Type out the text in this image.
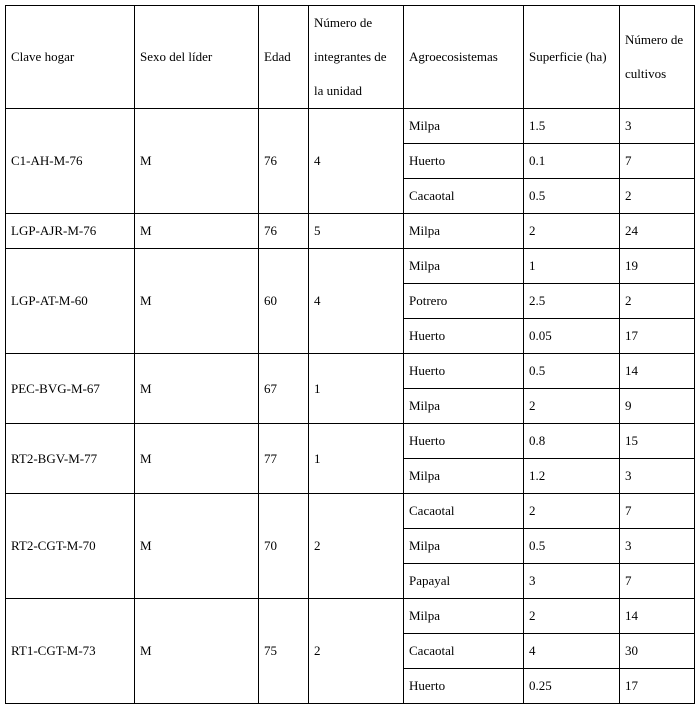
Clave hogar	Sexo del líder	Edad	Número de integrantes de la unidad	Agroecosistemas	Superficie (ha)	Número de cultivos
C1-AH-M-76	M	76	4	Milpa	1.5	3
				Huerto	0.1	7
				Cacaotal	0.5	2
LGP-AJR-M-76	M	76	5	Milpa	2	24
LGP-AT-M-60	M	60	4	Milpa	1	19
				Potrero	2.5	2
				Huerto	0.05	17
PEC-BVG-M-67	M	67	1	Huerto	0.5	14
				Milpa	2	9
RT2-BGV-M-77	M	77	1	Huerto	0.8	15
				Milpa	1.2	3
RT2-CGT-M-70	M	70	2	Cacaotal	2	7
				Milpa	0.5	3
				Papayal	3	7
RT1-CGT-M-73	M	75	2	Milpa	2	14
				Cacaotal	4	30
				Huerto	0.25	17
